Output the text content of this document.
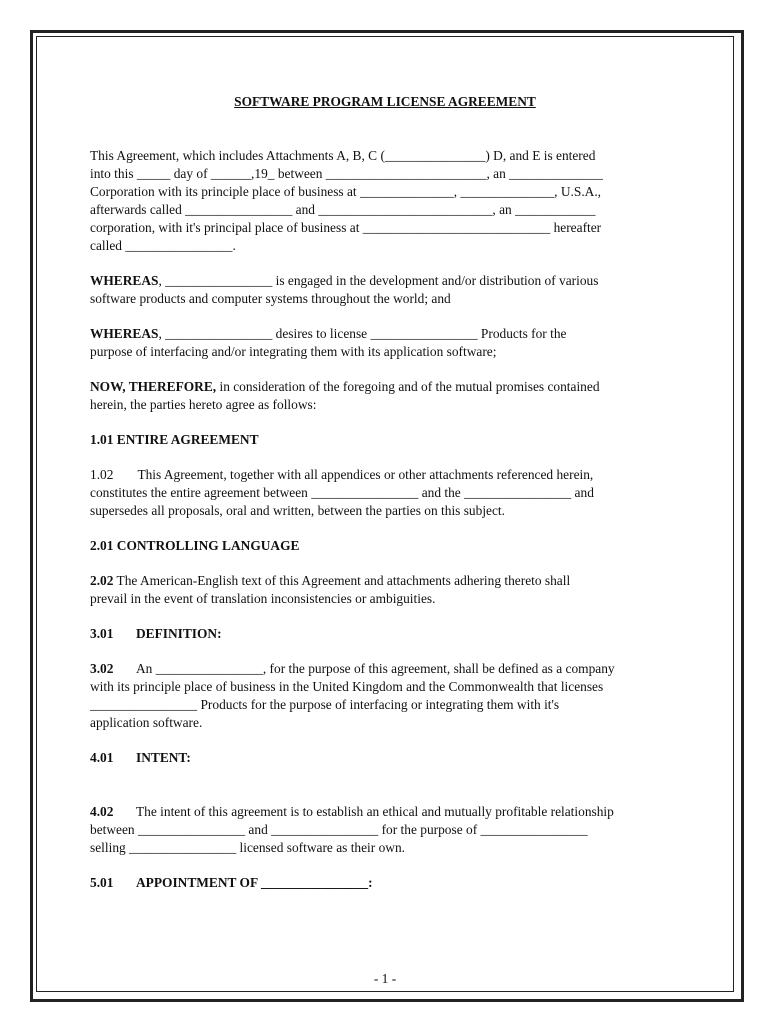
SOFTWARE PROGRAM LICENSE AGREEMENT

This Agreement, which includes Attachments A, B, C (_______________) D, and E is entered
into this _____ day of ______,19_ between ________________________, an ______________
Corporation with its principle place of business at ______________, ______________, U.S.A.,
afterwards called ________________ and __________________________, an ____________
corporation, with it's principal place of business at ____________________________ hereafter
called ________________.

WHEREAS, ________________ is engaged in the development and/or distribution of various
software products and computer systems throughout the world; and

WHEREAS, ________________ desires to license ________________ Products for the
purpose of interfacing and/or integrating them with its application software;

NOW, THEREFORE, in consideration of the foregoing and of the mutual promises contained
herein, the parties hereto agree as follows:

1.01 ENTIRE AGREEMENT

1.02 This Agreement, together with all appendices or other attachments referenced herein,
constitutes the entire agreement between ________________ and the ________________ and
supersedes all proposals, oral and written, between the parties on this subject.

2.01 CONTROLLING LANGUAGE

2.02 The American-English text of this Agreement and attachments adhering thereto shall
prevail in the event of translation inconsistencies or ambiguities.

3.01 DEFINITION:

3.02 An ________________, for the purpose of this agreement, shall be defined as a company
with its principle place of business in the United Kingdom and the Commonwealth that licenses
________________ Products for the purpose of interfacing or integrating them with it's
application software.

4.01 INTENT:

4.02 The intent of this agreement is to establish an ethical and mutually profitable relationship
between ________________ and ________________ for the purpose of ________________
selling ________________ licensed software as their own.

5.01 APPOINTMENT OF ________________:
- 1 -
